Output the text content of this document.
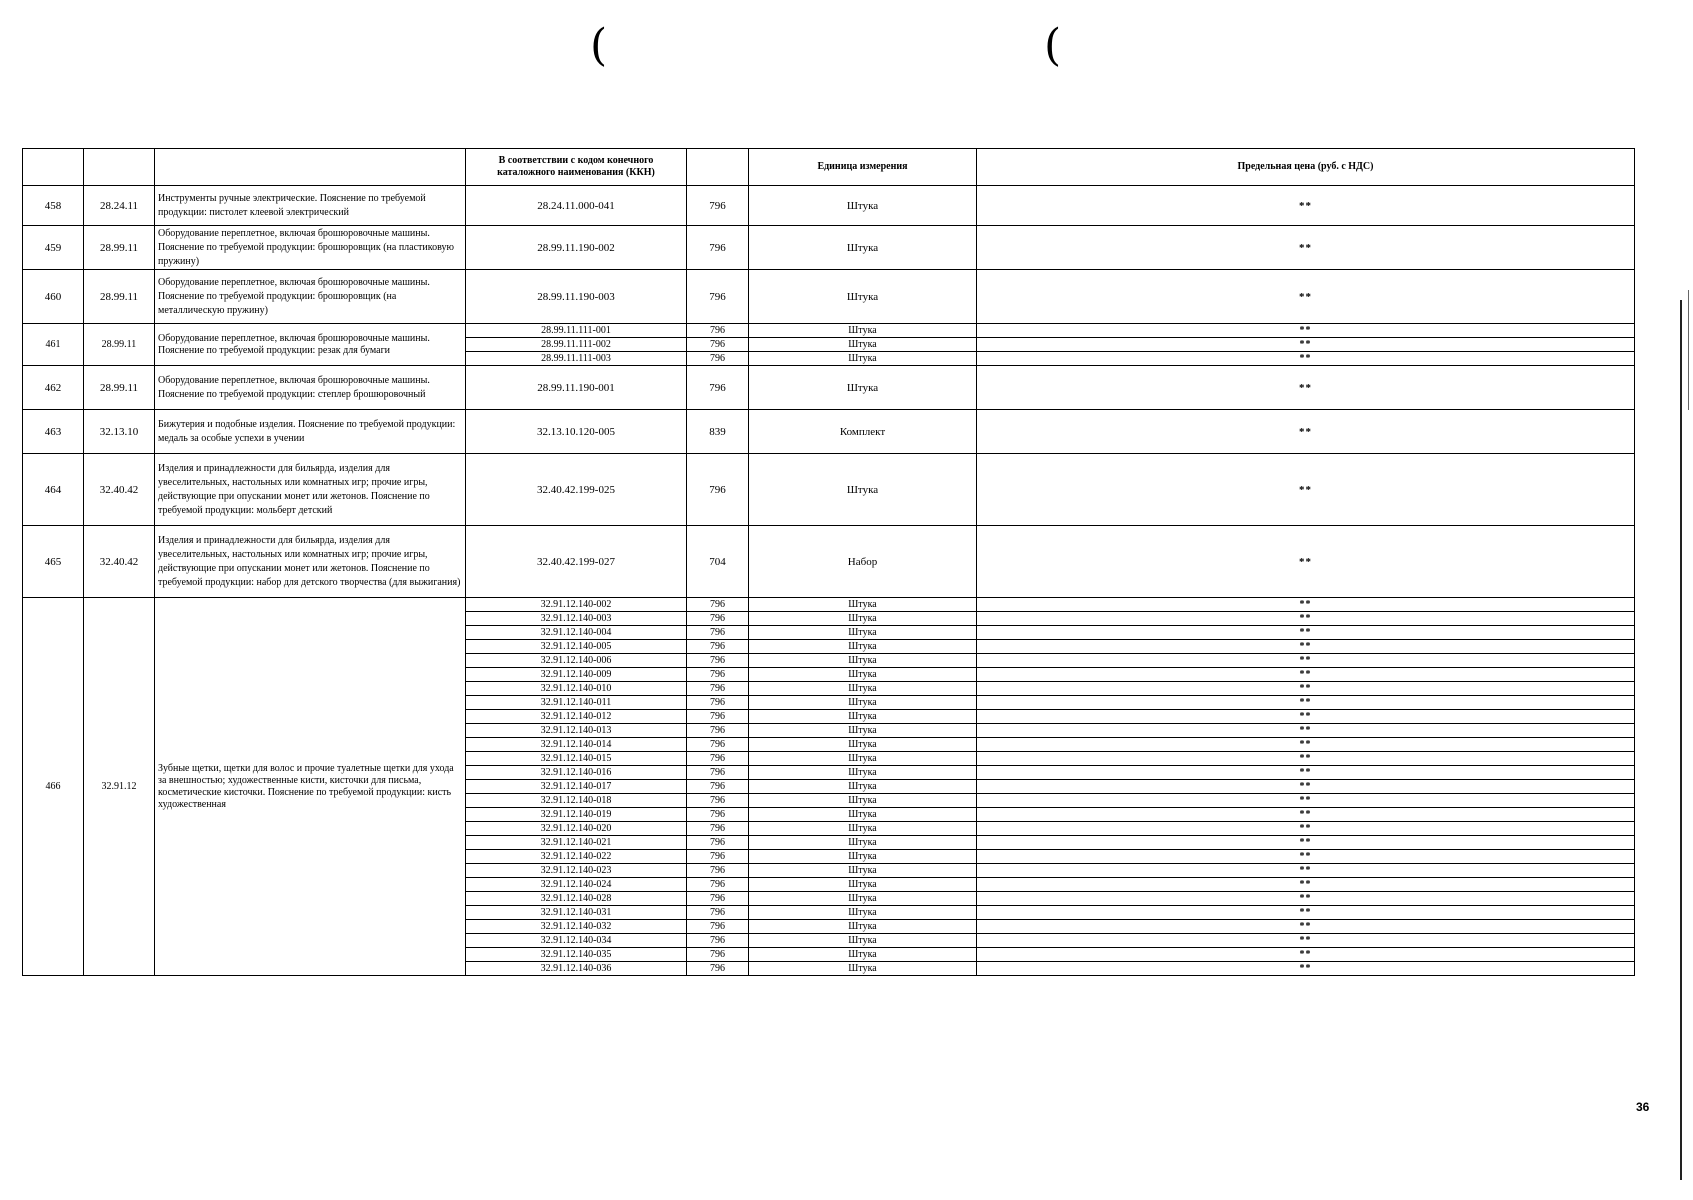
(	(
			В соответствии с кодом конечного каталожного наименования (ККН)		Единица измерения	Предельная цена (руб. с НДС)
458	28.24.11	Инструменты ручные электрические. Пояснение по требуемой продукции: пистолет клеевой электрический	28.24.11.000-041	796	Штука	**
459	28.99.11	Оборудование переплетное, включая брошюровочные машины. Пояснение по требуемой продукции: брошюровщик (на пластиковую пружину)	28.99.11.190-002	796	Штука	**
460	28.99.11	Оборудование переплетное, включая брошюровочные машины. Пояснение по требуемой продукции: брошюровщик (на металлическую пружину)	28.99.11.190-003	796	Штука	**
461	28.99.11	Оборудование переплетное, включая брошюровочные машины. Пояснение по требуемой продукции: резак для бумаги	28.99.11.111-001	796	Штука	**
			28.99.11.111-002	796	Штука	**
			28.99.11.111-003	796	Штука	**
462	28.99.11	Оборудование переплетное, включая брошюровочные машины. Пояснение по требуемой продукции: степлер брошюровочный	28.99.11.190-001	796	Штука	**
463	32.13.10	Бижутерия и подобные изделия. Пояснение по требуемой продукции: медаль за особые успехи в учении	32.13.10.120-005	839	Комплект	**
464	32.40.42	Изделия и принадлежности для бильярда, изделия для увеселительных, настольных или комнатных игр; прочие игры, действующие при опускании монет или жетонов. Пояснение по требуемой продукции: мольберт детский	32.40.42.199-025	796	Штука	**
465	32.40.42	Изделия и принадлежности для бильярда, изделия для увеселительных, настольных или комнатных игр; прочие игры, действующие при опускании монет или жетонов. Пояснение по требуемой продукции: набор для детского творчества (для выжигания)	32.40.42.199-027	704	Набор	**
466	32.91.12	Зубные щетки, щетки для волос и прочие туалетные щетки для ухода за внешностью; художественные кисти, кисточки для письма, косметические кисточки. Пояснение по требуемой продукции: кисть художественная	32.91.12.140-002	796	Штука	**
			32.91.12.140-003	796	Штука	**
			32.91.12.140-004	796	Штука	**
			32.91.12.140-005	796	Штука	**
			32.91.12.140-006	796	Штука	**
			32.91.12.140-009	796	Штука	**
			32.91.12.140-010	796	Штука	**
			32.91.12.140-011	796	Штука	**
			32.91.12.140-012	796	Штука	**
			32.91.12.140-013	796	Штука	**
			32.91.12.140-014	796	Штука	**
			32.91.12.140-015	796	Штука	**
			32.91.12.140-016	796	Штука	**
			32.91.12.140-017	796	Штука	**
			32.91.12.140-018	796	Штука	**
			32.91.12.140-019	796	Штука	**
			32.91.12.140-020	796	Штука	**
			32.91.12.140-021	796	Штука	**
			32.91.12.140-022	796	Штука	**
			32.91.12.140-023	796	Штука	**
			32.91.12.140-024	796	Штука	**
			32.91.12.140-028	796	Штука	**
			32.91.12.140-031	796	Штука	**
			32.91.12.140-032	796	Штука	**
			32.91.12.140-034	796	Штука	**
			32.91.12.140-035	796	Штука	**
			32.91.12.140-036	796	Штука	**
36
